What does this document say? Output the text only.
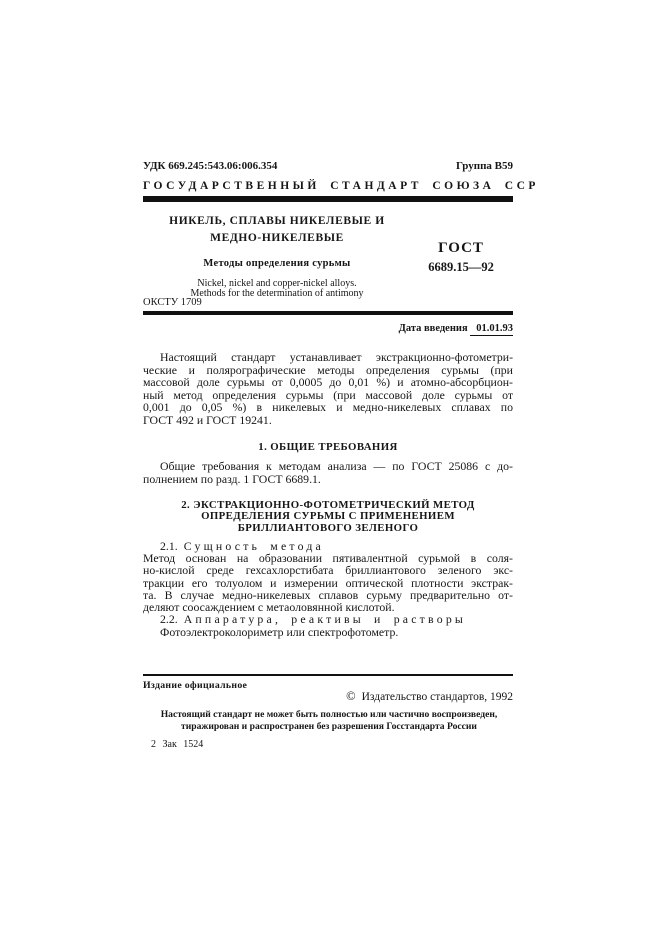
УДК 669.245:543.06:006.354	Группа В59
ГОСУДАРСТВЕННЫЙ СТАНДАРТ СОЮЗА ССР
НИКЕЛЬ, СПЛАВЫ НИКЕЛЕВЫЕ И
МЕДНО-НИКЕЛЕВЫЕ
Методы определения сурьмы
Nickel, nickel and copper-nickel alloys.
Methods for the determination of antimony
ГОСТ
6689.15—92
ОКСТУ 1709
Дата введения 01.01.93
Настоящий стандарт устанавливает экстракционно-фотометри-
ческие и полярографические методы определения сурьмы (при
массовой доле сурьмы от 0,0005 до 0,01 %) и атомно-абсорбцион-
ный метод определения сурьмы (при массовой доле сурьмы от
0,001 до 0,05 %) в никелевых и медно-никелевых сплавах по
ГОСТ 492 и ГОСТ 19241.
1. ОБЩИЕ ТРЕБОВАНИЯ
Общие требования к методам анализа — по ГОСТ 25086 с до-
полнением по разд. 1 ГОСТ 6689.1.
2. ЭКСТРАКЦИОННО-ФОТОМЕТРИЧЕСКИЙ МЕТОД
ОПРЕДЕЛЕНИЯ СУРЬМЫ С ПРИМЕНЕНИЕМ
БРИЛЛИАНТОВОГО ЗЕЛЕНОГО
2.1. Сущность метода
Метод основан на образовании пятивалентной сурьмой в соля-
но-кислой среде гехсахлорстибата бриллиантового зеленого экс-
тракции его толуолом и измерении оптической плотности экстрак-
та. В случае медно-никелевых сплавов сурьму предварительно от-
деляют соосаждением с метаоловянной кислотой.
2.2. Аппаратура, реактивы и растворы
Фотоэлектроколориметр или спектрофотометр.
Издание официальное
© Издательство стандартов, 1992
Настоящий стандарт не может быть полностью или частично воспроизведен,
тиражирован и распространен без разрешения Госстандарта России
2 Зак 1524
